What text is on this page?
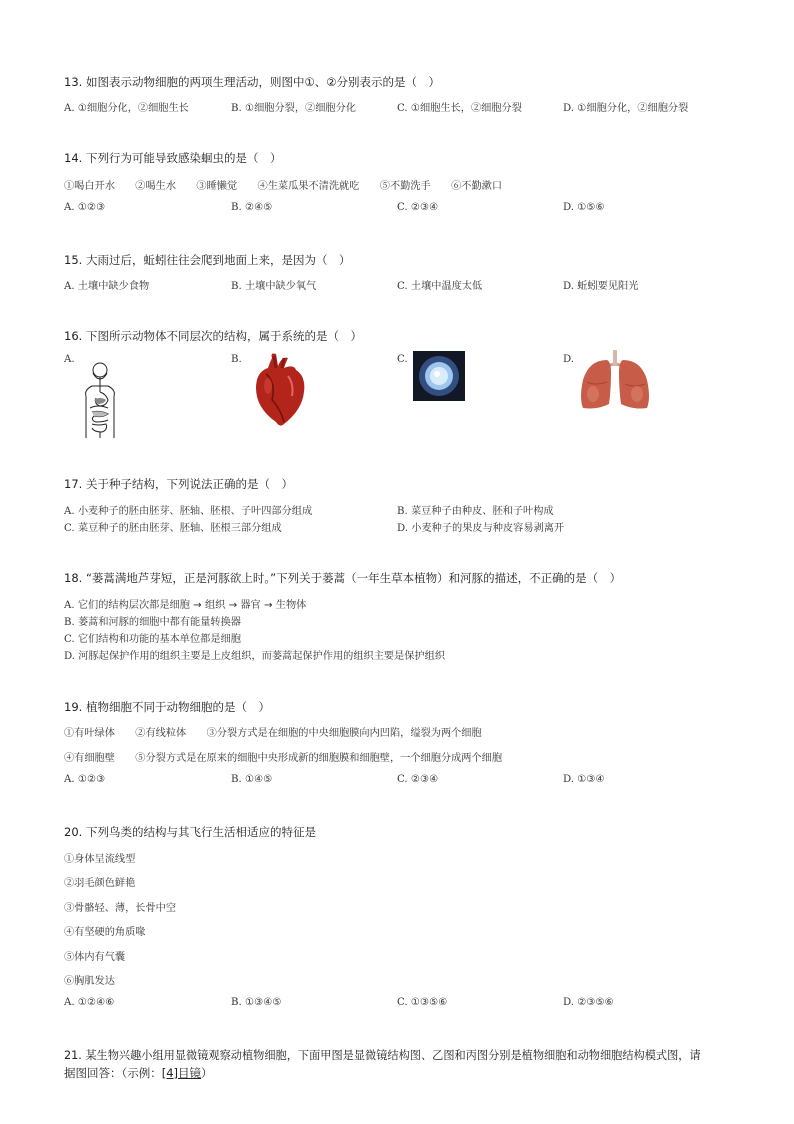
13. 如图表示动物细胞的两项生理活动，则图中①、②分别表示的是（　）
A. ①细胞分化，②细胞生长	B. ①细胞分裂，②细胞分化	C. ①细胞生长，②细胞分裂	D. ①细胞分化，②细胞分裂
14. 下列行为可能导致感染蛔虫的是（　）
①喝白开水　　②喝生水　　③睡懒觉　　④生菜瓜果不清洗就吃　　⑤不勤洗手　　⑥不勤漱口
A. ①②③	B. ②④⑤	C. ②③④	D. ①⑤⑥
15. 大雨过后，蚯蚓往往会爬到地面上来，是因为（　）
A. 土壤中缺少食物	B. 土壤中缺少氧气	C. 土壤中温度太低	D. 蚯蚓要见阳光
16. 下图所示动物体不同层次的结构，属于系统的是（　）
A.	B.	C.	D.
17. 关于种子结构，下列说法正确的是（　）
A. 小麦种子的胚由胚芽、胚轴、胚根、子叶四部分组成	B. 菜豆种子由种皮、胚和子叶构成
C. 菜豆种子的胚由胚芽、胚轴、胚根三部分组成	D. 小麦种子的果皮与种皮容易剥离开
18. “蒌蒿满地芦芽短，正是河豚欲上时。”下列关于蒌蒿（一年生草本植物）和河豚的描述，不正确的是（　）
A. 它们的结构层次都是细胞 → 组织 → 器官 → 生物体
B. 蒌蒿和河豚的细胞中都有能量转换器
C. 它们结构和功能的基本单位都是细胞
D. 河豚起保护作用的组织主要是上皮组织，而蒌蒿起保护作用的组织主要是保护组织
19. 植物细胞不同于动物细胞的是（　）
①有叶绿体　　②有线粒体　　③分裂方式是在细胞的中央细胞膜向内凹陷，缢裂为两个细胞
④有细胞壁　　⑤分裂方式是在原来的细胞中央形成新的细胞膜和细胞壁，一个细胞分成两个细胞
A. ①②③	B. ①④⑤	C. ②③④	D. ①③④
20. 下列鸟类的结构与其飞行生活相适应的特征是
①身体呈流线型
②羽毛颜色鲜艳
③骨骼轻、薄，长骨中空
④有坚硬的角质喙
⑤体内有气囊
⑥胸肌发达
A. ①②④⑥	B. ①③④⑤	C. ①③⑤⑥	D. ②③⑤⑥
21. 某生物兴趣小组用显微镜观察动植物细胞，下面甲图是显微镜结构图、乙图和丙图分别是植物细胞和动物细胞结构模式图，请
据图回答：（示例：[4]目镜）
